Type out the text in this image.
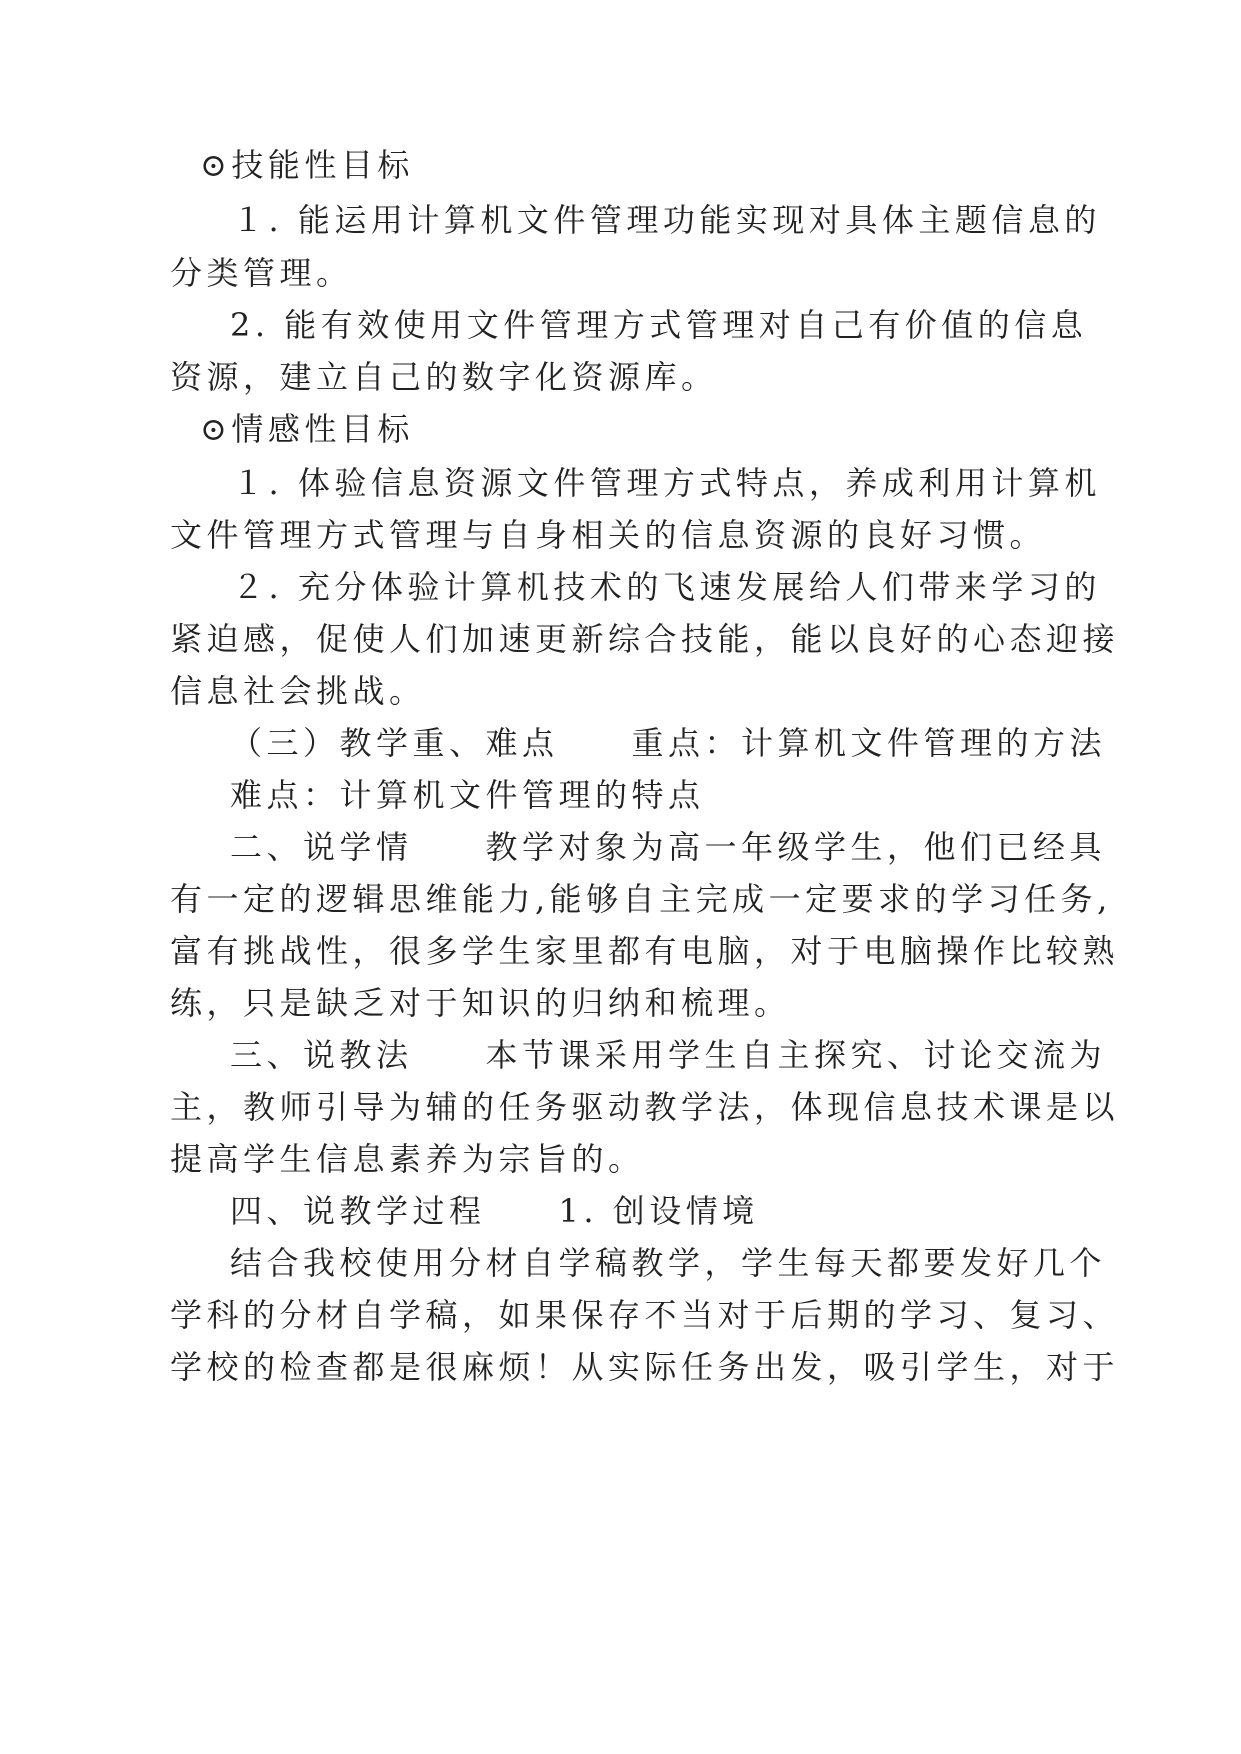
⊙技能性目标

１. 能运用计算机文件管理功能实现对具体主题信息的

分类管理。

2. 能有效使用文件管理方式管理对自己有价值的信息

资源，建立自己的数字化资源库。

⊙情感性目标

１. 体验信息资源文件管理方式特点，养成利用计算机

文件管理方式管理与自身相关的信息资源的良好习惯。

２. 充分体验计算机技术的飞速发展给人们带来学习的

紧迫感，促使人们加速更新综合技能，能以良好的心态迎接

信息社会挑战。

（三）教学重、难点　　重点：计算机文件管理的方法

难点：计算机文件管理的特点

二、说学情　　教学对象为高一年级学生，他们已经具

有一定的逻辑思维能力,能够自主完成一定要求的学习任务,

富有挑战性，很多学生家里都有电脑，对于电脑操作比较熟

练，只是缺乏对于知识的归纳和梳理。

三、说教法　　本节课采用学生自主探究、讨论交流为

主，教师引导为辅的任务驱动教学法，体现信息技术课是以

提高学生信息素养为宗旨的。

四、说教学过程　　1. 创设情境

结合我校使用分材自学稿教学，学生每天都要发好几个

学科的分材自学稿，如果保存不当对于后期的学习、复习、

学校的检查都是很麻烦！从实际任务出发，吸引学生，对于
